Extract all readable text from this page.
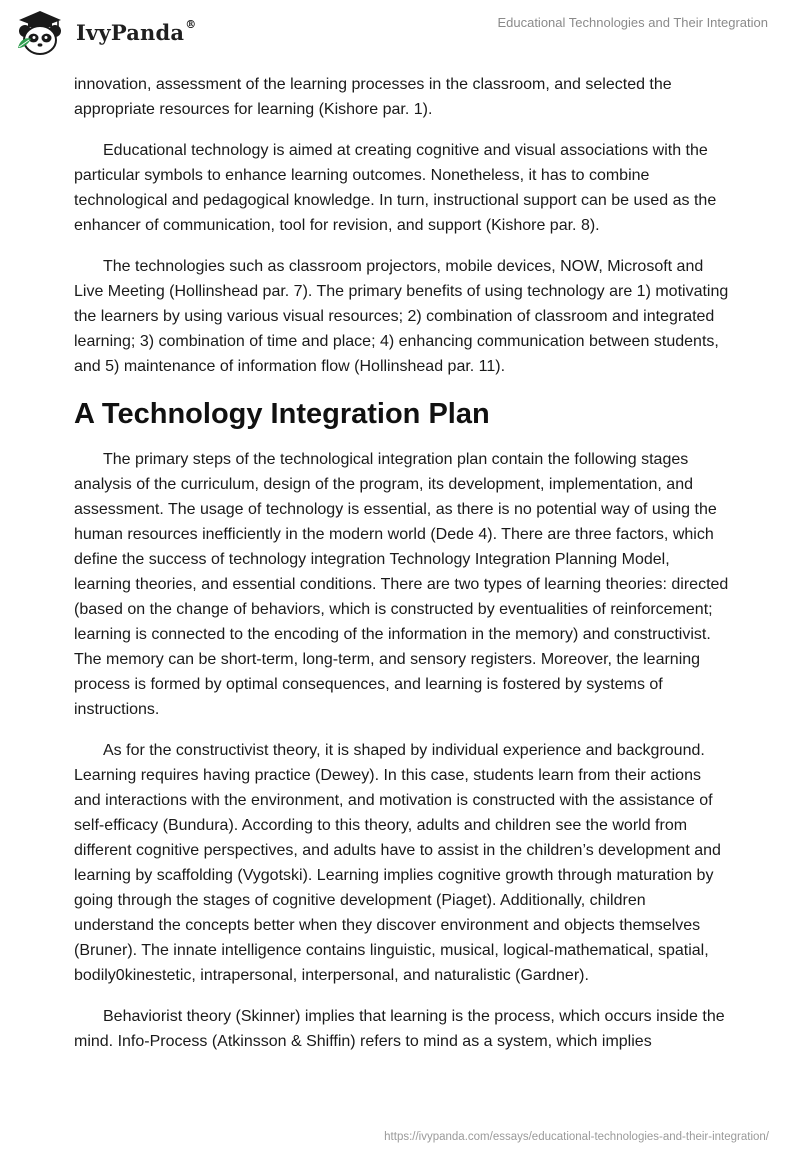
IvyPanda®	Educational Technologies and Their Integration

innovation, assessment of the learning processes in the classroom, and selected the appropriate resources for learning (Kishore par. 1).

Educational technology is aimed at creating cognitive and visual associations with the particular symbols to enhance learning outcomes. Nonetheless, it has to combine technological and pedagogical knowledge. In turn, instructional support can be used as the enhancer of communication, tool for revision, and support (Kishore par. 8).

The technologies such as classroom projectors, mobile devices, NOW, Microsoft and Live Meeting (Hollinshead par. 7). The primary benefits of using technology are 1) motivating the learners by using various visual resources; 2) combination of classroom and integrated learning; 3) combination of time and place; 4) enhancing communication between students, and 5) maintenance of information flow (Hollinshead par. 11).

A Technology Integration Plan

The primary steps of the technological integration plan contain the following stages analysis of the curriculum, design of the program, its development, implementation, and assessment. The usage of technology is essential, as there is no potential way of using the human resources inefficiently in the modern world (Dede 4). There are three factors, which define the success of technology integration Technology Integration Planning Model, learning theories, and essential conditions. There are two types of learning theories: directed (based on the change of behaviors, which is constructed by eventualities of reinforcement; learning is connected to the encoding of the information in the memory) and constructivist. The memory can be short-term, long-term, and sensory registers. Moreover, the learning process is formed by optimal consequences, and learning is fostered by systems of instructions.

As for the constructivist theory, it is shaped by individual experience and background. Learning requires having practice (Dewey). In this case, students learn from their actions and interactions with the environment, and motivation is constructed with the assistance of self-efficacy (Bundura). According to this theory, adults and children see the world from different cognitive perspectives, and adults have to assist in the children’s development and learning by scaffolding (Vygotski). Learning implies cognitive growth through maturation by going through the stages of cognitive development (Piaget). Additionally, children understand the concepts better when they discover environment and objects themselves (Bruner). The innate intelligence contains linguistic, musical, logical-mathematical, spatial, bodily0kinestetic, intrapersonal, interpersonal, and naturalistic (Gardner).

Behaviorist theory (Skinner) implies that learning is the process, which occurs inside the mind. Info-Process (Atkinsson & Shiffin) refers to mind as a system, which implies

https://ivypanda.com/essays/educational-technologies-and-their-integration/
